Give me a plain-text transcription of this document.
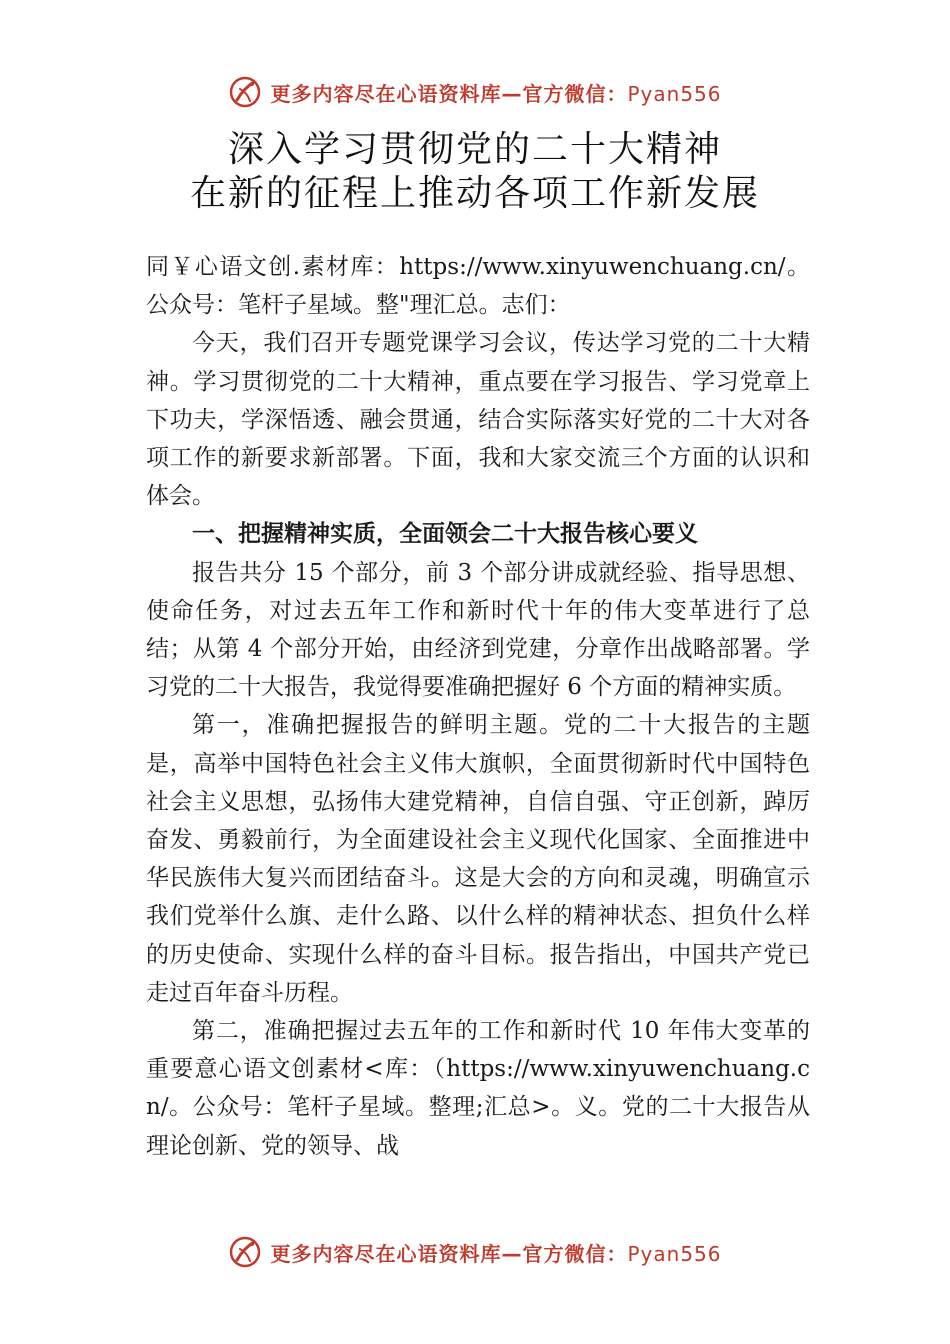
更多内容尽在心语资料库—官方微信：Pyan556
深入学习贯彻党的二十大精神
在新的征程上推动各项工作新发展

同￥心语文创.素材库：https://www.xinyuwenchuang.cn/。公众号：笔杆子星域。整"理汇总。志们：

今天，我们召开专题党课学习会议，传达学习党的二十大精神。学习贯彻党的二十大精神，重点要在学习报告、学习党章上下功夫，学深悟透、融会贯通，结合实际落实好党的二十大对各项工作的新要求新部署。下面，我和大家交流三个方面的认识和体会。

一、把握精神实质，全面领会二十大报告核心要义

报告共分 15 个部分，前 3 个部分讲成就经验、指导思想、使命任务，对过去五年工作和新时代十年的伟大变革进行了总结；从第 4 个部分开始，由经济到党建，分章作出战略部署。学习党的二十大报告，我觉得要准确把握好 6 个方面的精神实质。

第一，准确把握报告的鲜明主题。党的二十大报告的主题是，高举中国特色社会主义伟大旗帜，全面贯彻新时代中国特色社会主义思想，弘扬伟大建党精神，自信自强、守正创新，踔厉奋发、勇毅前行，为全面建设社会主义现代化国家、全面推进中华民族伟大复兴而团结奋斗。这是大会的方向和灵魂，明确宣示我们党举什么旗、走什么路、以什么样的精神状态、担负什么样的历史使命、实现什么样的奋斗目标。报告指出，中国共产党已走过百年奋斗历程。

第二，准确把握过去五年的工作和新时代 10 年伟大变革的重要意心语文创素材<库：（https://www.xinyuwenchuang.cn/。公众号：笔杆子星域。整理;汇总>。义。党的二十大报告从理论创新、党的领导、战

更多内容尽在心语资料库—官方微信：Pyan556
